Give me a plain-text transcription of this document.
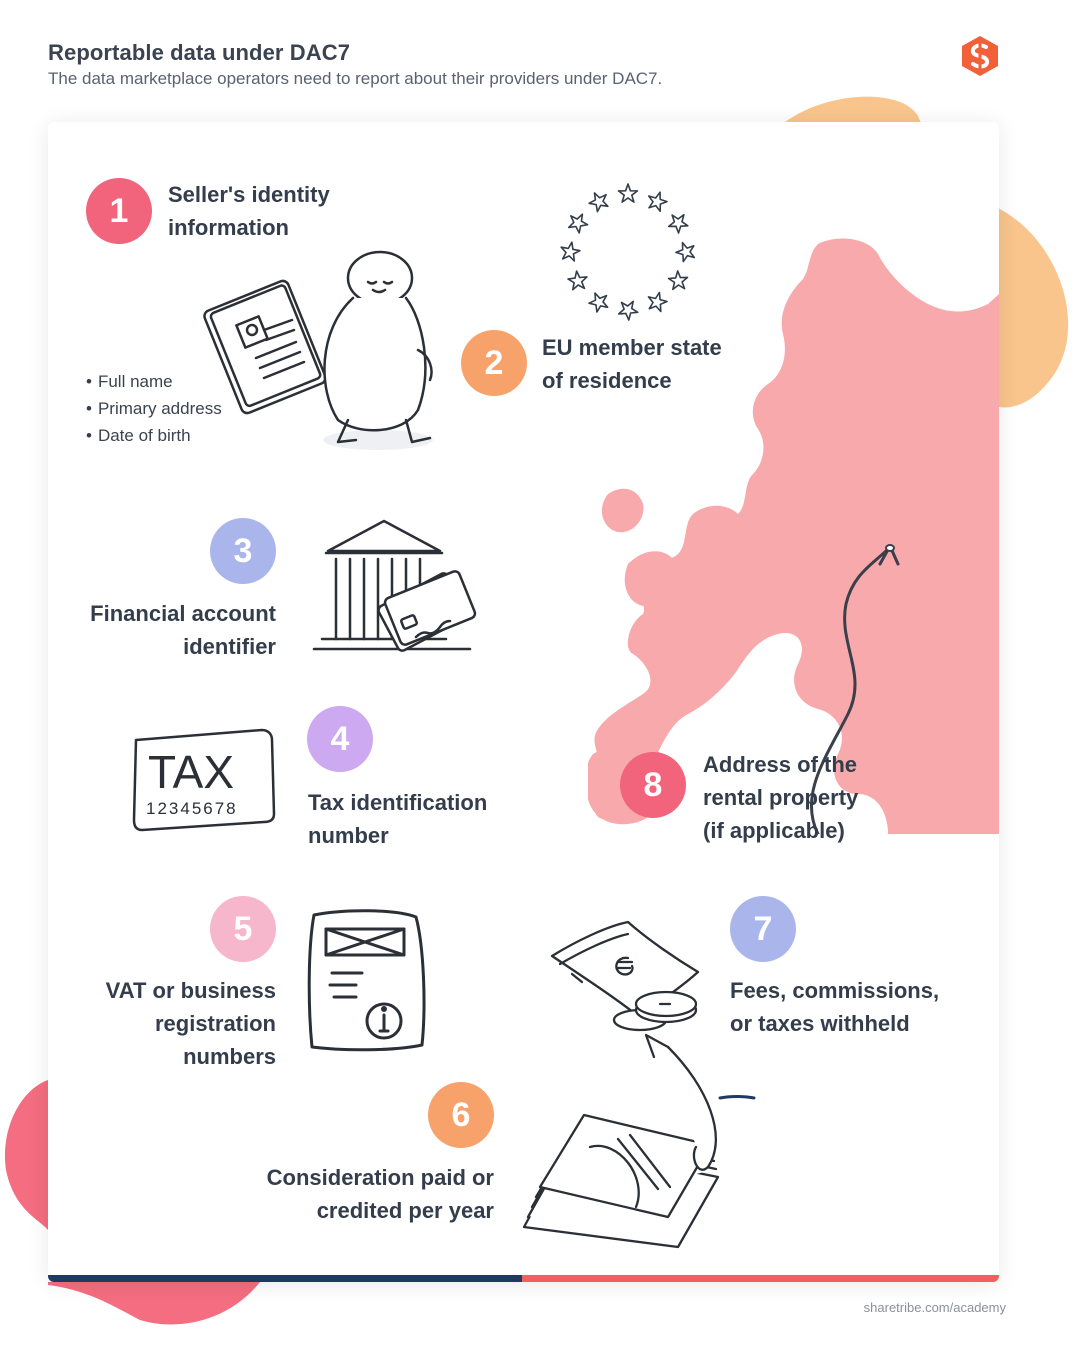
Reportable data under DAC7

The data marketplace operators need to report about their providers under DAC7.

1	Seller's identity
information
• Full name
• Primary address
• Date of birth
2	EU member state
of residence
3
Financial account
identifier
TAX
12345678
4
Tax identification
number
8
Address of the
rental property
(if applicable)
5
VAT or business
registration
numbers
7
Fees, commissions,
or taxes withheld
6
Consideration paid or
credited per year
sharetribe.com/academy
